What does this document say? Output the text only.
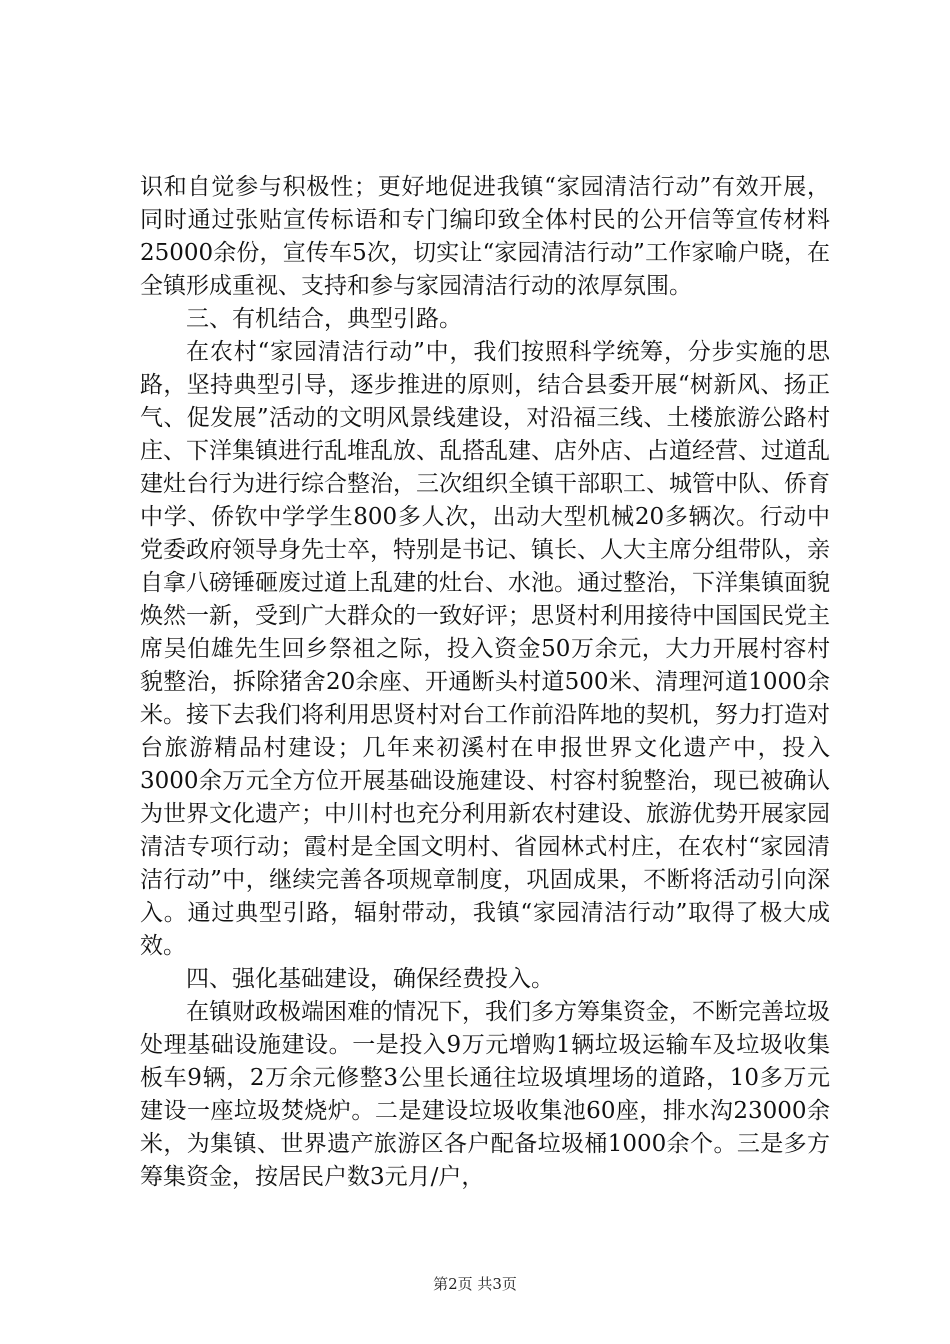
识和自觉参与积极性；更好地促进我镇“家园清洁行动”有效开展，同时通过张贴宣传标语和专门编印致全体村民的公开信等宣传材料25000余份，宣传车5次，切实让“家园清洁行动”工作家喻户晓，在全镇形成重视、支持和参与家园清洁行动的浓厚氛围。

三、有机结合，典型引路。

在农村“家园清洁行动”中，我们按照科学统筹，分步实施的思路，坚持典型引导，逐步推进的原则，结合县委开展“树新风、扬正气、促发展”活动的文明风景线建设，对沿福三线、土楼旅游公路村庄、下洋集镇进行乱堆乱放、乱搭乱建、店外店、占道经营、过道乱建灶台行为进行综合整治，三次组织全镇干部职工、城管中队、侨育中学、侨钦中学学生800多人次，出动大型机械20多辆次。行动中党委政府领导身先士卒，特别是书记、镇长、人大主席分组带队，亲自拿八磅锤砸废过道上乱建的灶台、水池。通过整治，下洋集镇面貌焕然一新，受到广大群众的一致好评；思贤村利用接待中国国民党主席吴伯雄先生回乡祭祖之际，投入资金50万余元，大力开展村容村貌整治，拆除猪舍20余座、开通断头村道500米、清理河道1000余米。接下去我们将利用思贤村对台工作前沿阵地的契机，努力打造对台旅游精品村建设；几年来初溪村在申报世界文化遗产中，投入3000余万元全方位开展基础设施建设、村容村貌整治，现已被确认为世界文化遗产；中川村也充分利用新农村建设、旅游优势开展家园清洁专项行动；霞村是全国文明村、省园林式村庄，在农村“家园清洁行动”中，继续完善各项规章制度，巩固成果，不断将活动引向深入。通过典型引路，辐射带动，我镇“家园清洁行动”取得了极大成效。

四、强化基础建设，确保经费投入。

在镇财政极端困难的情况下，我们多方筹集资金，不断完善垃圾处理基础设施建设。一是投入9万元增购1辆垃圾运输车及垃圾收集板车9辆，2万余元修整3公里长通往垃圾填埋场的道路，10多万元建设一座垃圾焚烧炉。二是建设垃圾收集池60座，排水沟23000余米，为集镇、世界遗产旅游区各户配备垃圾桶1000余个。三是多方筹集资金，按居民户数3元月/户，

第2页 共3页
